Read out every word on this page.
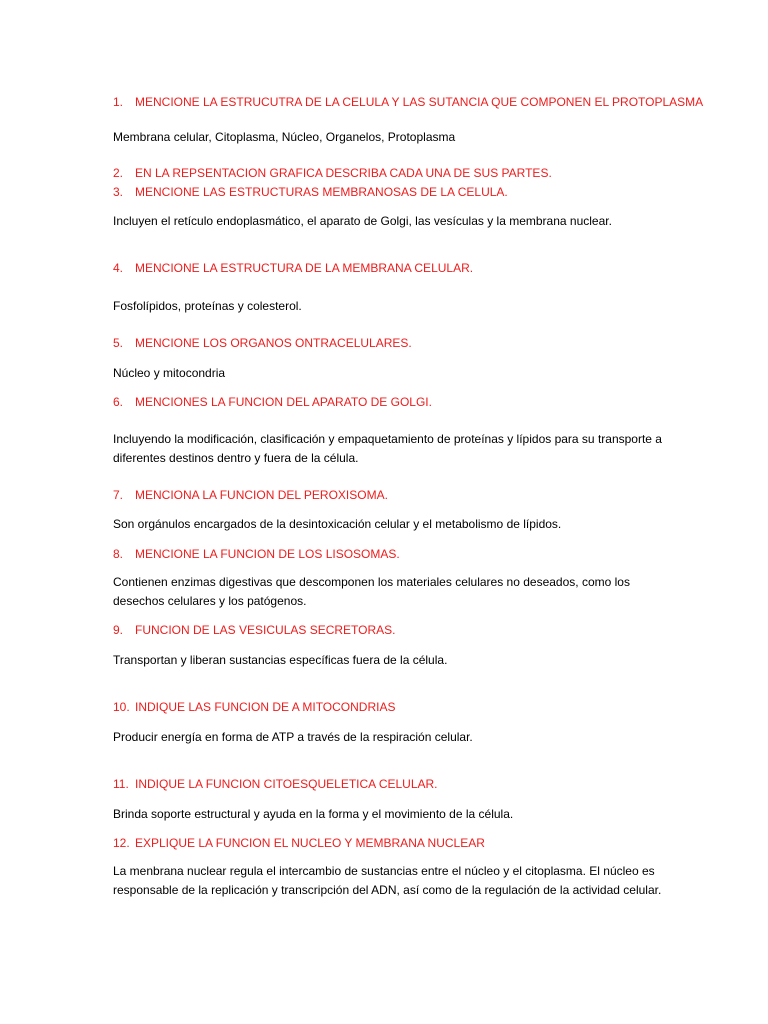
1. MENCIONE LA ESTRUCUTRA DE LA CELULA Y LAS SUTANCIA QUE COMPONEN EL PROTOPLASMA
Membrana celular, Citoplasma, Núcleo, Organelos, Protoplasma
2. EN LA REPSENTACION GRAFICA DESCRIBA CADA UNA DE SUS PARTES.
3. MENCIONE LAS ESTRUCTURAS MEMBRANOSAS DE LA CELULA.
Incluyen el retículo endoplasmático, el aparato de Golgi, las vesículas y la membrana nuclear.
4. MENCIONE LA ESTRUCTURA DE LA MEMBRANA CELULAR.
Fosfolípidos, proteínas y colesterol.
5. MENCIONE LOS ORGANOS ONTRACELULARES.
Núcleo y mitocondria
6. MENCIONES LA FUNCION DEL APARATO DE GOLGI.
Incluyendo la modificación, clasificación y empaquetamiento de proteínas y lípidos para su transporte a diferentes destinos dentro y fuera de la célula.
7. MENCIONA LA FUNCION DEL PEROXISOMA.
Son orgánulos encargados de la desintoxicación celular y el metabolismo de lípidos.
8. MENCIONE LA FUNCION DE LOS LISOSOMAS.
Contienen enzimas digestivas que descomponen los materiales celulares no deseados, como los desechos celulares y los patógenos.
9. FUNCION DE LAS VESICULAS SECRETORAS.
Transportan y liberan sustancias específicas fuera de la célula.
10. INDIQUE LAS FUNCION DE A MITOCONDRIAS
Producir energía en forma de ATP a través de la respiración celular.
11. INDIQUE LA FUNCION CITOESQUELETICA CELULAR.
Brinda soporte estructural y ayuda en la forma y el movimiento de la célula.
12. EXPLIQUE LA FUNCION EL NUCLEO Y MEMBRANA NUCLEAR
La menbrana nuclear regula el intercambio de sustancias entre el núcleo y el citoplasma. El núcleo es responsable de la replicación y transcripción del ADN, así como de la regulación de la actividad celular.
